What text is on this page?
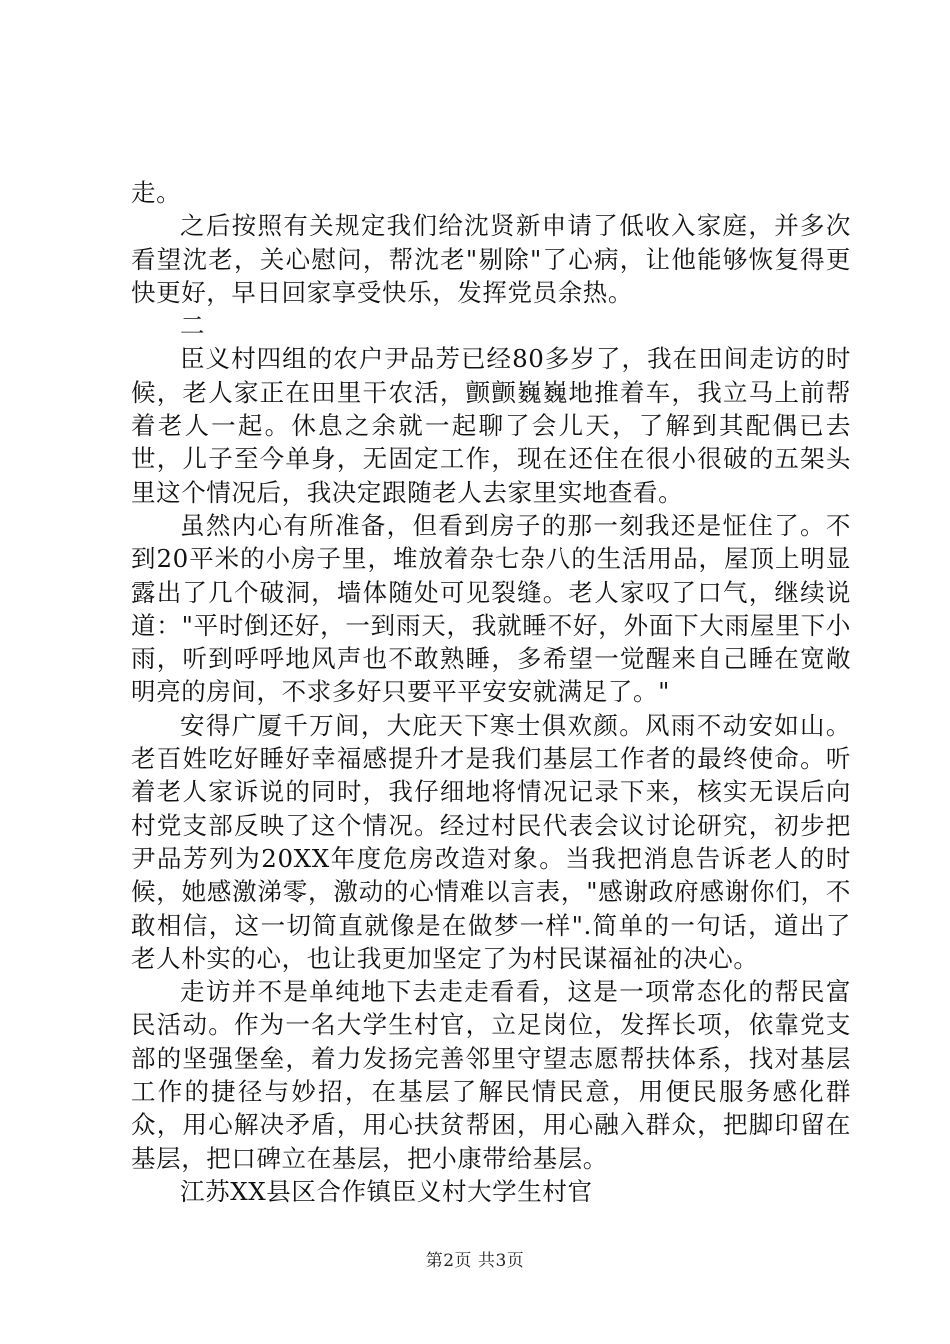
走。

之后按照有关规定我们给沈贤新申请了低收入家庭，并多次看望沈老，关心慰问，帮沈老"剔除"了心病，让他能够恢复得更快更好，早日回家享受快乐，发挥党员余热。

二

臣义村四组的农户尹品芳已经80多岁了，我在田间走访的时候，老人家正在田里干农活，颤颤巍巍地推着车，我立马上前帮着老人一起。休息之余就一起聊了会儿天，了解到其配偶已去世，儿子至今单身，无固定工作，现在还住在很小很破的五架头里这个情况后，我决定跟随老人去家里实地查看。

虽然内心有所准备，但看到房子的那一刻我还是怔住了。不到20平米的小房子里，堆放着杂七杂八的生活用品，屋顶上明显露出了几个破洞，墙体随处可见裂缝。老人家叹了口气，继续说道："平时倒还好，一到雨天，我就睡不好，外面下大雨屋里下小雨，听到呼呼地风声也不敢熟睡，多希望一觉醒来自己睡在宽敞明亮的房间，不求多好只要平平安安就满足了。"

安得广厦千万间，大庇天下寒士俱欢颜。风雨不动安如山。老百姓吃好睡好幸福感提升才是我们基层工作者的最终使命。听着老人家诉说的同时，我仔细地将情况记录下来，核实无误后向村党支部反映了这个情况。经过村民代表会议讨论研究，初步把尹品芳列为20XX年度危房改造对象。当我把消息告诉老人的时候，她感激涕零，激动的心情难以言表，"感谢政府感谢你们，不敢相信，这一切简直就像是在做梦一样".简单的一句话，道出了老人朴实的心，也让我更加坚定了为村民谋福祉的决心。

走访并不是单纯地下去走走看看，这是一项常态化的帮民富民活动。作为一名大学生村官，立足岗位，发挥长项，依靠党支部的坚强堡垒，着力发扬完善邻里守望志愿帮扶体系，找对基层工作的捷径与妙招，在基层了解民情民意，用便民服务感化群众，用心解决矛盾，用心扶贫帮困，用心融入群众，把脚印留在基层，把口碑立在基层，把小康带给基层。

江苏XX县区合作镇臣义村大学生村官

第2页 共3页
